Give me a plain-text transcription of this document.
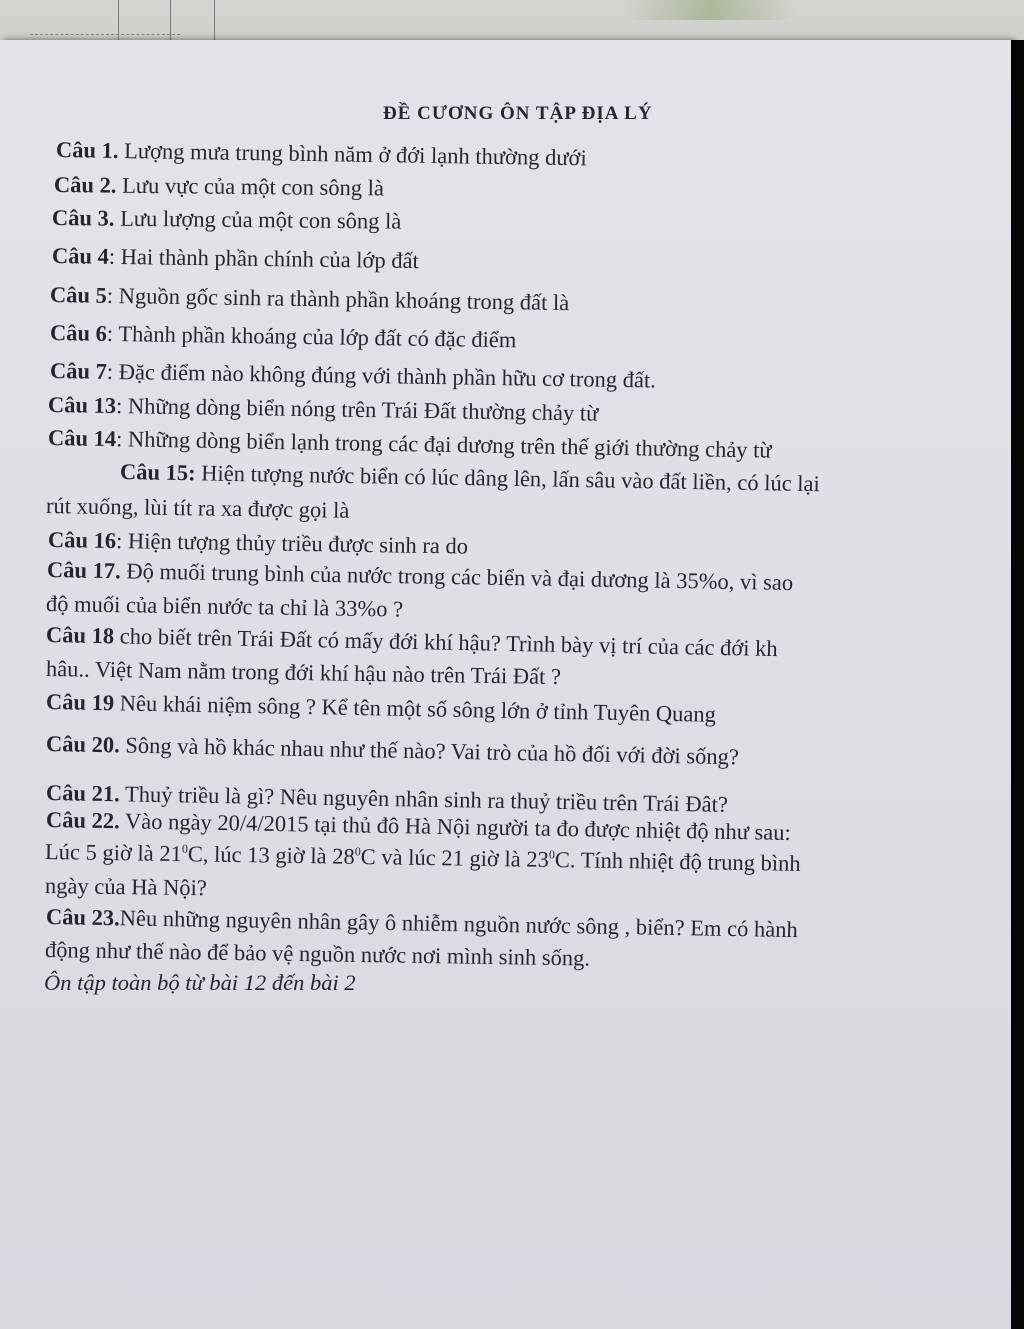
ĐỀ CƯƠNG ÔN TẬP ĐỊA LÝ
Câu 1. Lượng mưa trung bình năm ở đới lạnh thường dưới
Câu 2. Lưu vực của một con sông là
Câu 3. Lưu lượng của một con sông là
Câu 4: Hai thành phần chính của lớp đất
Câu 5: Nguồn gốc sinh ra thành phần khoáng trong đất là
Câu 6: Thành phần khoáng của lớp đất có đặc điểm
Câu 7: Đặc điểm nào không đúng với thành phần hữu cơ trong đất.
Câu 13: Những dòng biển nóng trên Trái Đất thường chảy từ
Câu 14: Những dòng biển lạnh trong các đại dương trên thế giới thường chảy từ
Câu 15: Hiện tượng nước biển có lúc dâng lên, lấn sâu vào đất liền, có lúc lại
rút xuống, lùi tít ra xa được gọi là
Câu 16: Hiện tượng thủy triều được sinh ra do
Câu 17. Độ muối trung bình của nước trong các biển và đại dương là 35%o, vì sao
độ muối của biển nước ta chỉ là 33%o ?
Câu 18 cho biết trên Trái Đất có mấy đới khí hậu? Trình bày vị trí của các đới kh
hâu.. Việt Nam nằm trong đới khí hậu nào trên Trái Đất ?
Câu 19 Nêu khái niệm sông ? Kể tên một số sông lớn ở tỉnh Tuyên Quang
Câu 20. Sông và hồ khác nhau như thế nào? Vai trò của hồ đối với đời sống?
Câu 21. Thuỷ triều là gì? Nêu nguyên nhân sinh ra thuỷ triều trên Trái Đât?
Câu 22. Vào ngày 20/4/2015 tại thủ đô Hà Nội người ta đo được nhiệt độ như sau:
Lúc 5 giờ là $21^0C$, lúc 13 giờ là $28^0C$ và lúc 21 giờ là $23^0C$. Tính nhiệt độ trung bình
ngày của Hà Nội?
Câu 23.Nêu những nguyên nhân gây ô nhiễm nguồn nước sông , biển? Em có hành
động như thế nào để bảo vệ nguồn nước nơi mình sinh sống.
Ôn tập toàn bộ từ bài 12 đến bài 2
